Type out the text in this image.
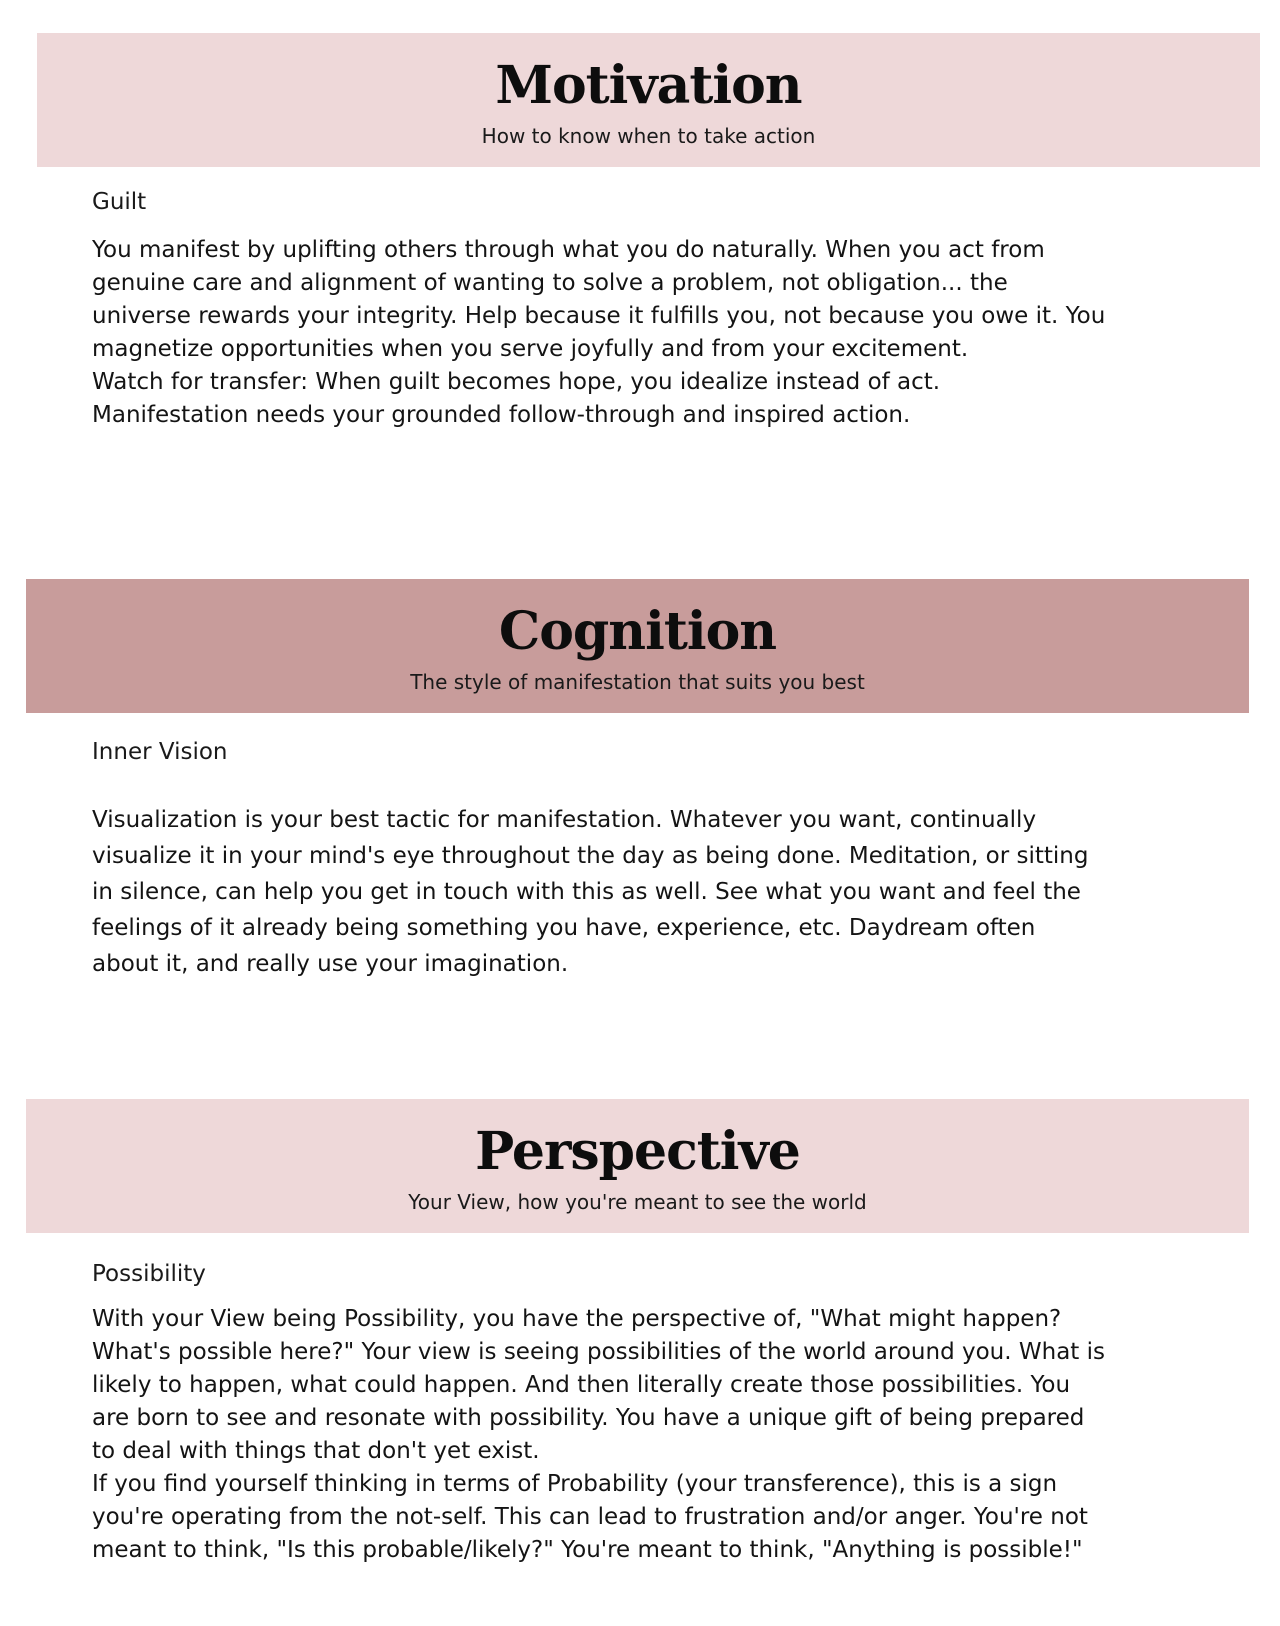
Motivation
How to know when to take action
Guilt
You manifest by uplifting others through what you do naturally. When you act from
genuine care and alignment of wanting to solve a problem, not obligation... the
universe rewards your integrity. Help because it fulfills you, not because you owe it. You
magnetize opportunities when you serve joyfully and from your excitement.
Watch for transfer: When guilt becomes hope, you idealize instead of act.
Manifestation needs your grounded follow-through and inspired action.
Cognition
The style of manifestation that suits you best
Inner Vision
Visualization is your best tactic for manifestation. Whatever you want, continually
visualize it in your mind's eye throughout the day as being done. Meditation, or sitting
in silence, can help you get in touch with this as well. See what you want and feel the
feelings of it already being something you have, experience, etc. Daydream often
about it, and really use your imagination.
Perspective
Your View, how you're meant to see the world
Possibility
With your View being Possibility, you have the perspective of, "What might happen?
What's possible here?" Your view is seeing possibilities of the world around you. What is
likely to happen, what could happen. And then literally create those possibilities. You
are born to see and resonate with possibility. You have a unique gift of being prepared
to deal with things that don't yet exist.
If you find yourself thinking in terms of Probability (your transference), this is a sign
you're operating from the not-self. This can lead to frustration and/or anger. You're not
meant to think, "Is this probable/likely?" You're meant to think, "Anything is possible!"
